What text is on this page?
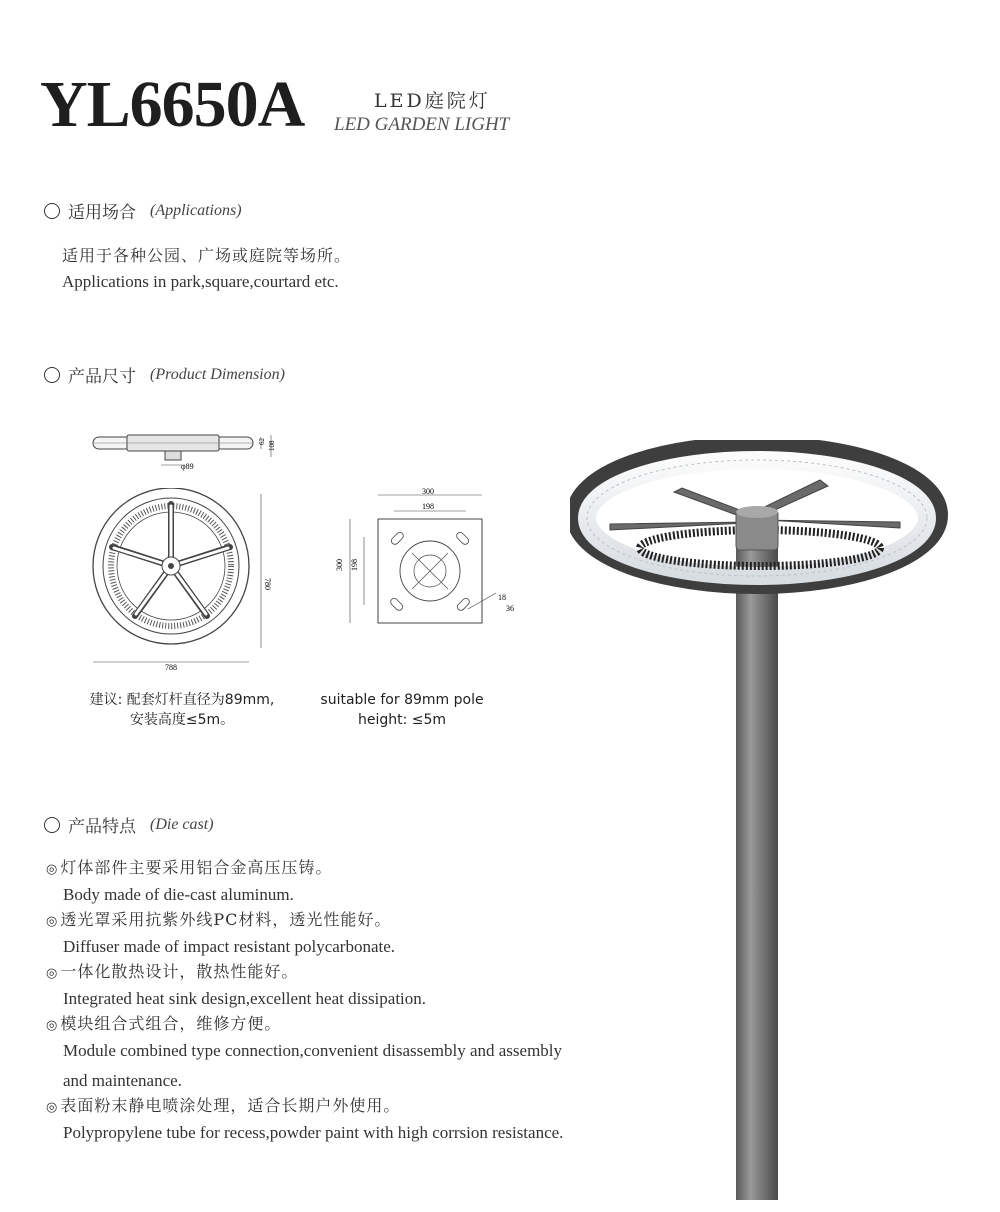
YL6650A	LED庭院灯
LED GARDEN LIGHT
适用场合 (Applications)
适用于各种公园、广场或庭院等场所。
Applications in park,square,courtard etc.
产品尺寸 (Product Dimension)
62 108
φ89
788
780
300
198
300 198
18
36
建议: 配套灯杆直径为89mm,
安装高度≤5m。
suitable for 89mm pole
height: ≤5m
产品特点 (Die cast)
◎ 灯体部件主要采用铝合金高压压铸。
Body made of die-cast aluminum.
◎ 透光罩采用抗紫外线PC材料，透光性能好。
Diffuser made of impact resistant polycarbonate.
◎ 一体化散热设计，散热性能好。
Integrated heat sink design,excellent heat dissipation.
◎ 模块组合式组合，维修方便。
Module combined type connection,convenient disassembly and assembly
and maintenance.
◎ 表面粉末静电喷涂处理，适合长期户外使用。
Polypropylene tube for recess,powder paint with high corrsion resistance.
